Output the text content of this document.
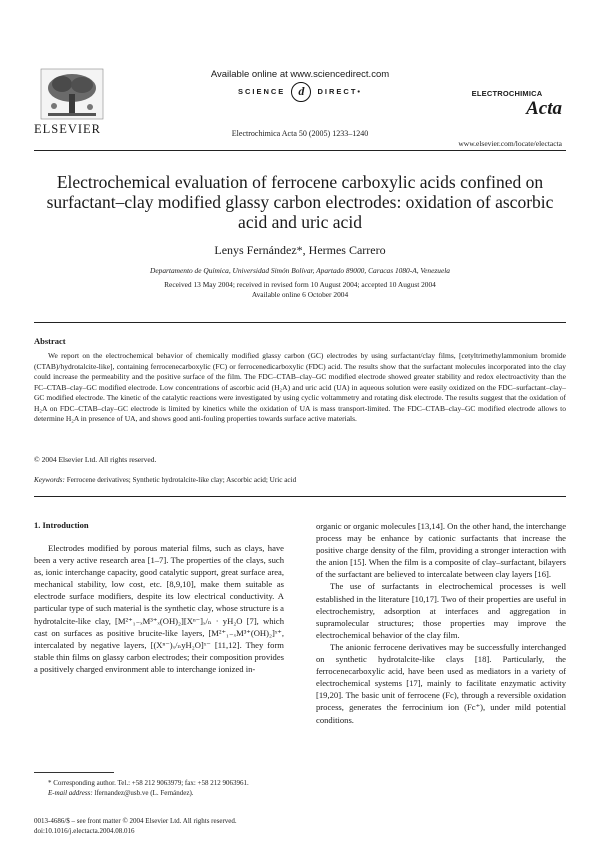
ELSEVIER
Available online at www.sciencedirect.com
SCIENCE d DIRECT•
Electrochimica Acta 50 (2005) 1233–1240
ELECTROCHIMICA
Acta
www.elsevier.com/locate/electacta
Electrochemical evaluation of ferrocene carboxylic acids confined on surfactant–clay modified glassy carbon electrodes: oxidation of ascorbic acid and uric acid
Lenys Fernández*, Hermes Carrero
Departamento de Química, Universidad Simón Bolívar, Apartado 89000, Caracas 1080-A, Venezuela
Received 13 May 2004; received in revised form 10 August 2004; accepted 10 August 2004
Available online 6 October 2004
Abstract
We report on the electrochemical behavior of chemically modified glassy carbon (GC) electrodes by using surfactant/clay films, [cetyltrimethylammonium bromide (CTAB)/hydrotalcite-like], containing ferrocenecarboxylic (FC) or ferrocenedicarboxylic (FDC) acid. The results show that the surfactant molecules incorporated into the clay could increase the permeability and the positive surface of the film. The FDC–CTAB–clay–GC modified electrode showed greater stability and redox electroactivity than the FC–CTAB–clay–GC modified electrode. Low concentrations of ascorbic acid (H₂A) and uric acid (UA) in aqueous solution were easily oxidized on the FDC–surfactant–clay–GC modified electrode. The kinetic of the catalytic reactions were investigated by using cyclic voltammetry and rotating disk electrode. The results suggest that the oxidation of H₂A on FDC–CTAB–clay–GC electrode is limited by kinetics while the oxidation of UA is mass transport-limited. The FDC–CTAB–clay–GC modified electrode allows to determine H₂A in presence of UA, and shows good anti-fouling properties towards surface active materials.
© 2004 Elsevier Ltd. All rights reserved.
Keywords: Ferrocene derivatives; Synthetic hydrotalcite-like clay; Ascorbic acid; Uric acid
1. Introduction
Electrodes modified by porous material films, such as clays, have been a very active research area [1–7]. The properties of the clays, such as, ionic interchange capacity, good catalytic support, great surface area, mechanical stability, low cost, etc. [8,9,10], make them suitable as electrode surface modifiers, despite its low electrical conductivity. A particular type of such material is the synthetic clay, whose structure is a hydrotalcite-like clay, [M²⁺₁₋ₓM³⁺ₓ(OH)₂][Xⁿ⁻]ₓ/ₙ · yH₂O [7], which cast on surfaces as positive brucite-like layers, [M²⁺₁₋ₓM³⁺(OH)₂]ˣ⁺, intercalated by negative layers, [(Xⁿ⁻)ₓ/ₙyH₂O]ˣ⁻ [11,12]. They form stable thin films on glassy carbon electrodes; their composition provides a positively charged environment able to interchange ionized in-

organic or organic molecules [13,14]. On the other hand, the interchange process may be enhance by cationic surfactants that increase the positive charge density of the film, providing a stronger interaction with the anion [15]. When the film is a composite of clay–surfactant, bilayers of the surfactant are believed to intercalate between clay layers [16].

The use of surfactants in electrochemical processes is well established in the literature [10,17]. Two of their properties are useful in electrochemistry, adsorption at interfaces and aggregation in supramolecular structures; those properties may improve the electrochemical behavior of the clay film.

The anionic ferrocene derivatives may be successfully interchanged on synthetic hydrotalcite-like clays [18]. Particularly, the ferrocenecarboxylic acid, have been used as mediators in a variety of electrochemical systems [17], mainly to facilitate enzymatic activity [19,20]. The basic unit of ferrocene (Fc), through a reversible oxidation process, generates the ferrocinium ion (Fc⁺), under mild potential conditions.

* Corresponding author. Tel.: +58 212 9063979; fax: +58 212 9063961.
E-mail address: lfernandez@usb.ve (L. Fernández).
0013-4686/$ – see front matter © 2004 Elsevier Ltd. All rights reserved.
doi:10.1016/j.electacta.2004.08.016
